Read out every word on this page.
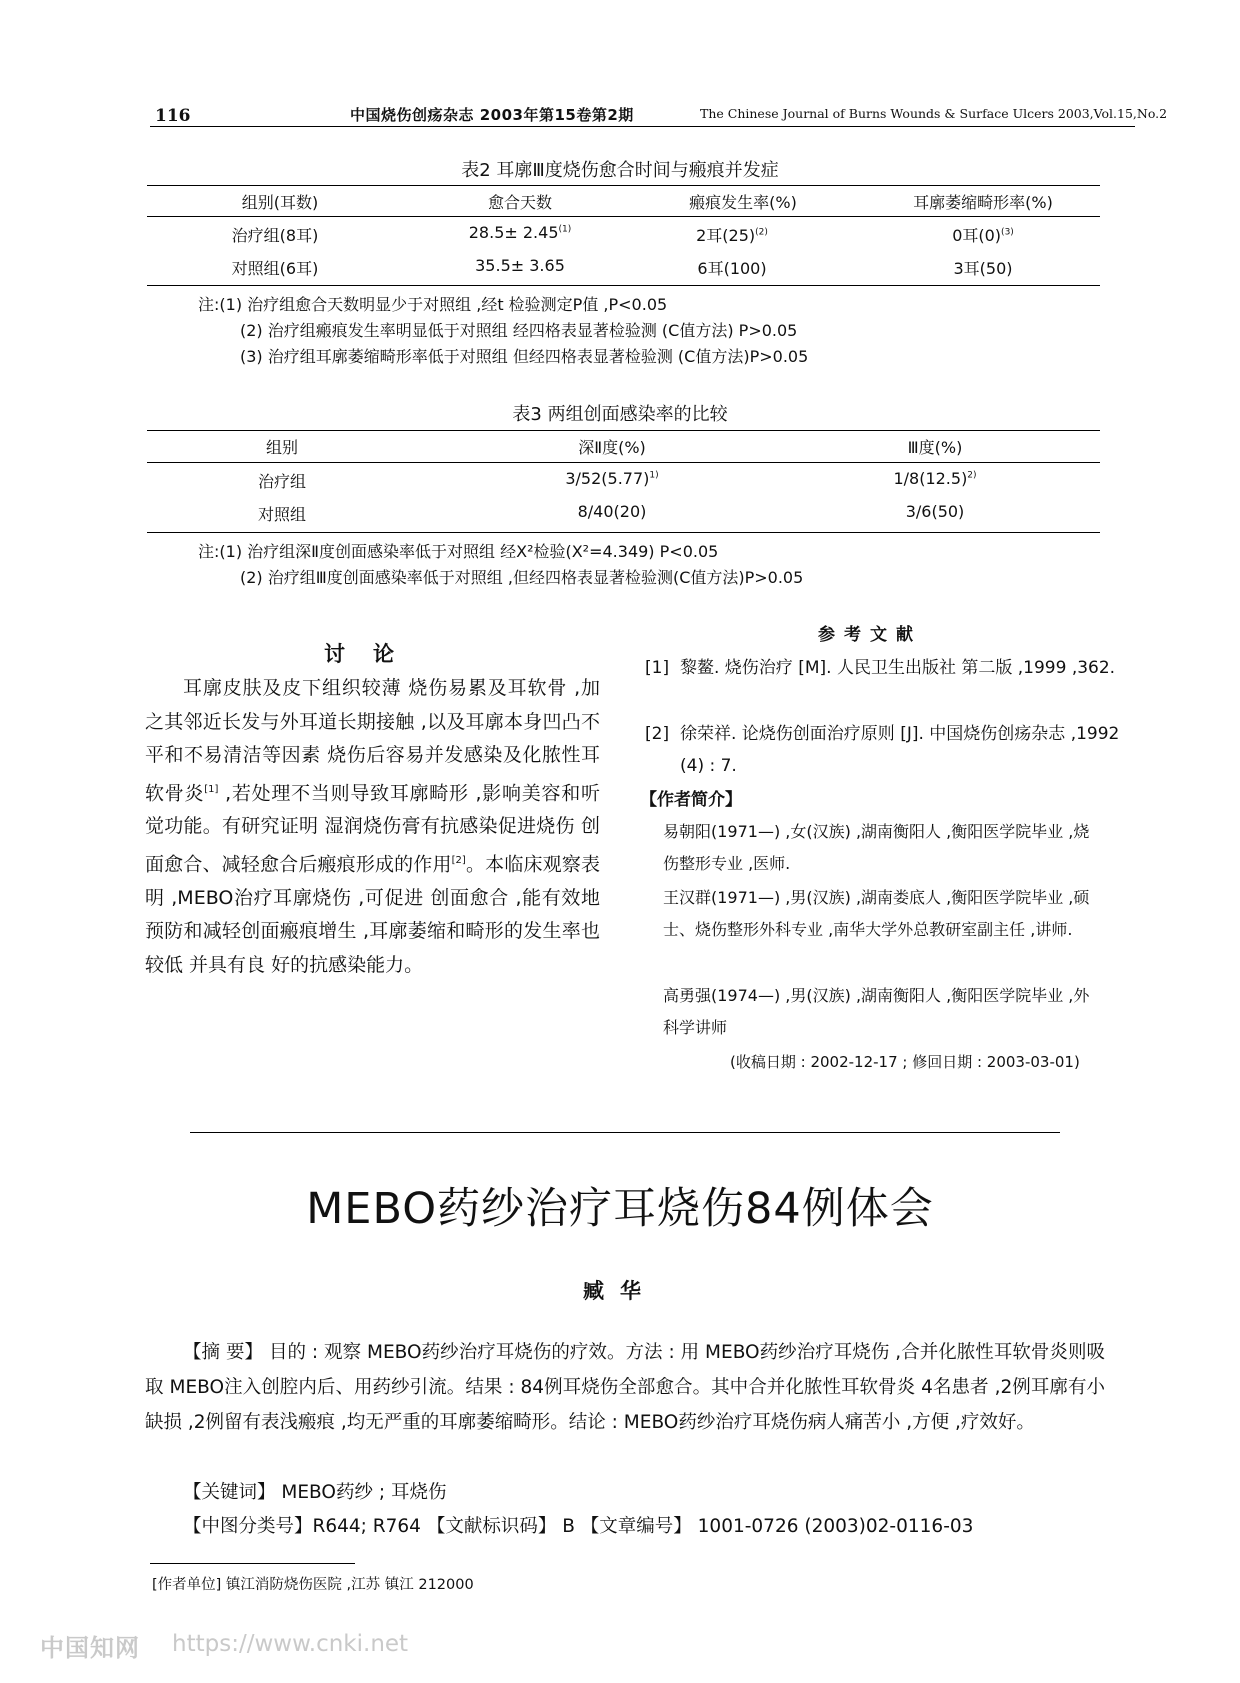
116	中国烧伤创疡杂志 2003年第15卷第2期	The Chinese Journal of Burns Wounds & Surface Ulcers 2003,Vol.15,No.2
表2 耳廓Ⅲ度烧伤愈合时间与瘢痕并发症
组别(耳数)	愈合天数	瘢痕发生率(%)	耳廓萎缩畸形率(%)
治疗组(8耳)	$28.5\pm 2.45^{(1)}$	2耳$(25)^{(2)}$	0耳$(0)^{(3)}$
对照组(6耳)	35.5± 3.65	6耳(100)	3耳(50)
注:(1) 治疗组愈合天数明显少于对照组 ,经t 检验测定P值 ,P<0.05
(2) 治疗组瘢痕发生率明显低于对照组 经四格表显著检验测 (C值方法) P>0.05
(3) 治疗组耳廓萎缩畸形率低于对照组 但经四格表显著检验测 (C值方法)P>0.05
表3 两组创面感染率的比较
组别	深Ⅱ度(%)	Ⅲ度(%)
治疗组	$3/52(5.77)^{1)}$	$1/8(12.5)^{2)}$
对照组	8/40(20)	3/6(50)
注:(1) 治疗组深Ⅱ度创面感染率低于对照组 经X²检验(X²=4.349) P<0.05
(2) 治疗组Ⅲ度创面感染率低于对照组 ,但经四格表显著检验测(C值方法)P>0.05
讨论
耳廓皮肤及皮下组织较薄 烧伤易累及耳软骨 ,加之其邻近长发与外耳道长期接触 ,以及耳廓本身凹凸不平和不易清洁等因素 烧伤后容易并发感染及化脓性耳软骨炎[1] ,若处理不当则导致耳廓畸形 ,影响美容和听觉功能。有研究证明 湿润烧伤膏有抗感染促进烧伤 创面愈合、减轻愈合后瘢痕形成的作用[2]。本临床观察表明 ,MEBO治疗耳廓烧伤 ,可促进 创面愈合 ,能有效地预防和减轻创面瘢痕增生 ,耳廓萎缩和畸形的发生率也较低 并具有良 好的抗感染能力。
参考文献
[1] 黎鳌. 烧伤治疗 [M]. 人民卫生出版社 第二版 ,1999 ,362.
[2] 徐荣祥. 论烧伤创面治疗原则 [J]. 中国烧伤创疡杂志 ,1992 (4) : 7.
【作者简介】
易朝阳(1971—) ,女(汉族) ,湖南衡阳人 ,衡阳医学院毕业 ,烧伤整形专业 ,医师.
王汉群(1971—) ,男(汉族) ,湖南娄底人 ,衡阳医学院毕业 ,硕士、烧伤整形外科专业 ,南华大学外总教研室副主任 ,讲师.
高勇强(1974—) ,男(汉族) ,湖南衡阳人 ,衡阳医学院毕业 ,外科学讲师
(收稿日期 : 2002-12-17 ; 修回日期 : 2003-03-01)
MEBO药纱治疗耳烧伤84例体会
臧华
【摘 要】 目的 : 观察 MEBO药纱治疗耳烧伤的疗效。方法 : 用 MEBO药纱治疗耳烧伤 ,合并化脓性耳软骨炎则吸取 MEBO注入创腔内后、用药纱引流。结果 : 84例耳烧伤全部愈合。其中合并化脓性耳软骨炎 4名患者 ,2例耳廓有小缺损 ,2例留有表浅瘢痕 ,均无严重的耳廓萎缩畸形。结论 : MEBO药纱治疗耳烧伤病人痛苦小 ,方便 ,疗效好。
【关键词】 MEBO药纱 ; 耳烧伤
【中图分类号】R644; R764 【文献标识码】 B 【文章编号】 1001-0726 (2003)02-0116-03
[作者单位] 镇江消防烧伤医院 ,江苏 镇江 212000
中国知网 https://www.cnki.net
